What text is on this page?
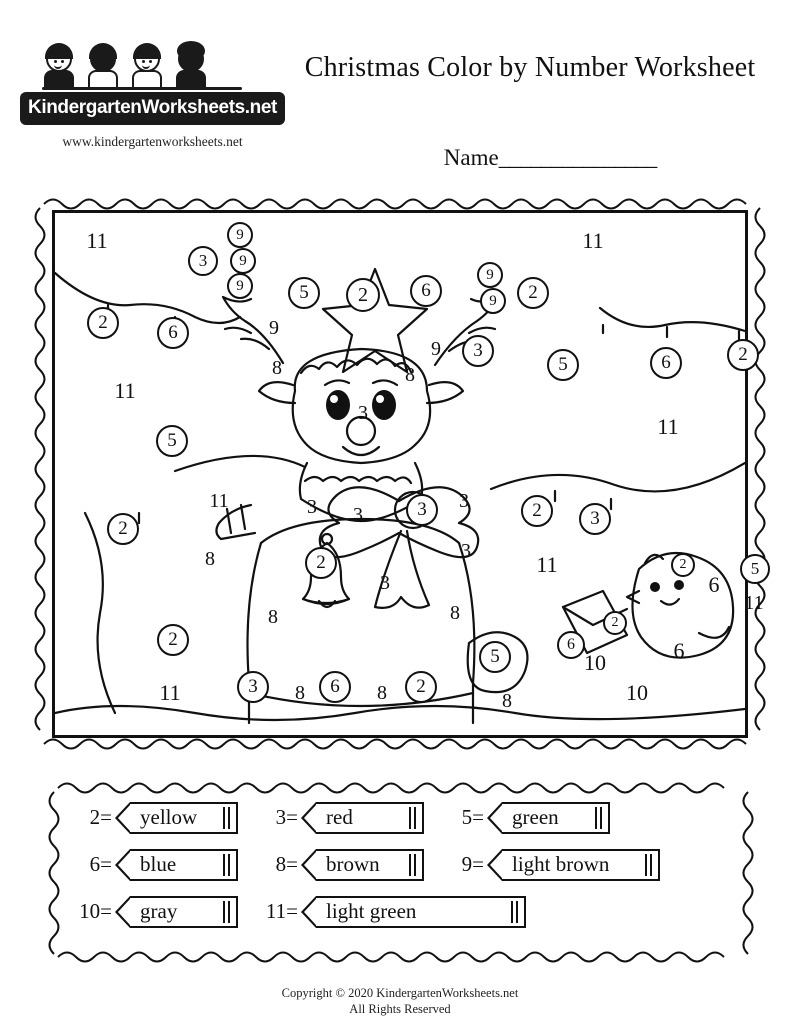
KindergartenWorksheets.net
www.kindergartenworksheets.net
Christmas Color by Number Worksheet
Name_______________
11
3
9
9
9	5	2	6
9
9	2
11
2	6	9
9	3
5	6	2
8	8
11
3
11
5
11	3	3	3	3	2	3
2
3
5
8	2
3
11	2
6
11
8	8
2
5
6
2
10	6
11	3	8	6	8	2
8	10
2= yellow	3= red	5= green
6= blue	8= brown	9= light brown
10= gray	11= light green
Copyright © 2020 KindergartenWorksheets.net
All Rights Reserved
